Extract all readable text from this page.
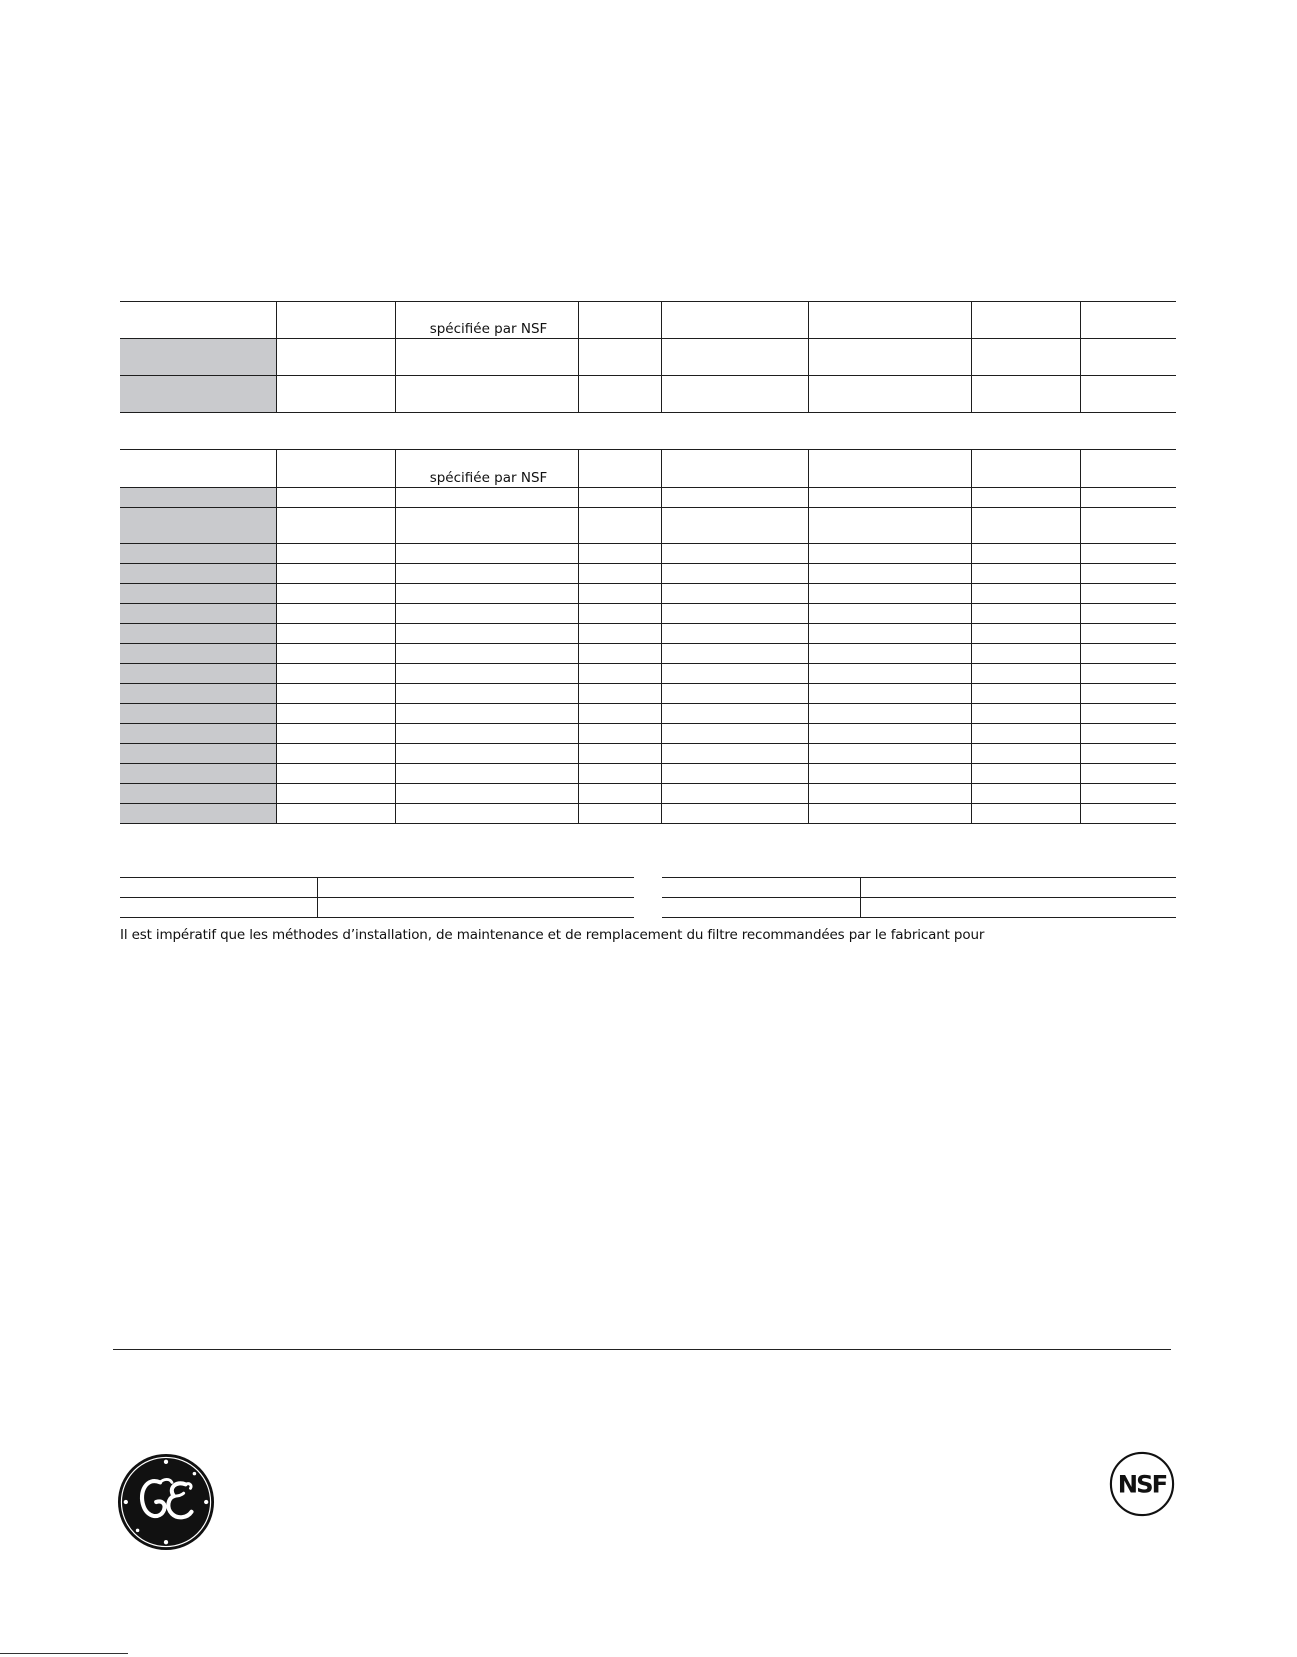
		spécifiée par NSF					

		spécifiée par NSF					

Il est impératif que les méthodes d’installation, de maintenance et de remplacement du filtre recommandées par le fabricant pour
NSF
